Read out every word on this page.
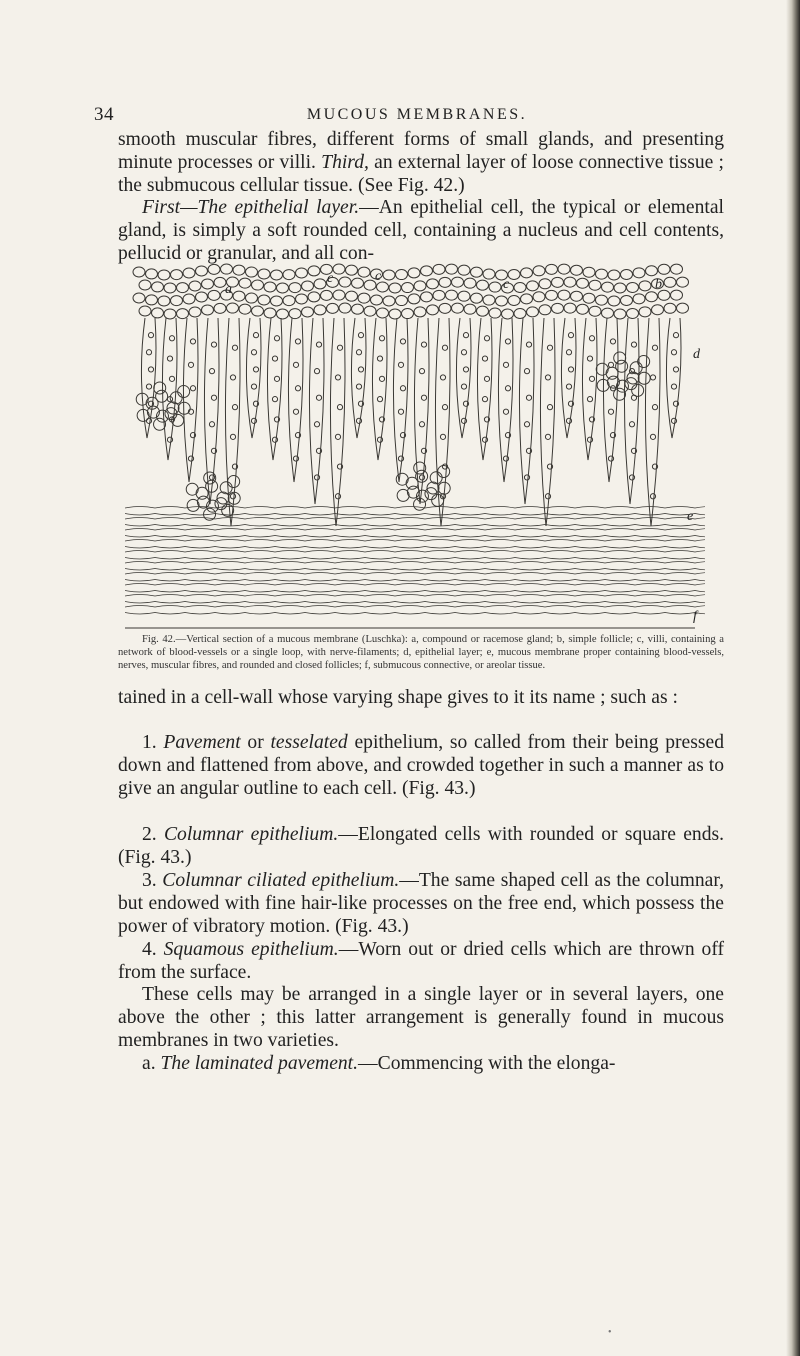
34	MUCOUS MEMBRANES.

smooth muscular fibres, different forms of small glands, and presenting minute processes or villi. Third, an external layer of loose connective tissue ; the submucous cellular tissue. (See Fig. 42.)

First—The epithelial layer.—An epithelial cell, the typical or elemental gland, is simply a soft rounded cell, containing a nucleus and cell contents, pellucid or granular, and all con-

a
c	c
c	b
d
e
f

Fig. 42.—Vertical section of a mucous membrane (Luschka): a, compound or racemose gland; b, simple follicle; c, villi, containing a network of blood-vessels or a single loop, with nerve-filaments; d, epithelial layer; e, mucous membrane proper containing blood-vessels, nerves, muscular fibres, and rounded and closed follicles; f, submucous connective, or areolar tissue.

tained in a cell-wall whose varying shape gives to it its name ; such as :

1. Pavement or tesselated epithelium, so called from their being pressed down and flattened from above, and crowded together in such a manner as to give an angular outline to each cell. (Fig. 43.)

2. Columnar epithelium.—Elongated cells with rounded or square ends. (Fig. 43.)

3. Columnar ciliated epithelium.—The same shaped cell as the columnar, but endowed with fine hair-like processes on the free end, which possess the power of vibratory motion. (Fig. 43.)

4. Squamous epithelium.—Worn out or dried cells which are thrown off from the surface.

These cells may be arranged in a single layer or in several layers, one above the other ; this latter arrangement is generally found in mucous membranes in two varieties.

a. The laminated pavement.—Commencing with the elonga-

•
